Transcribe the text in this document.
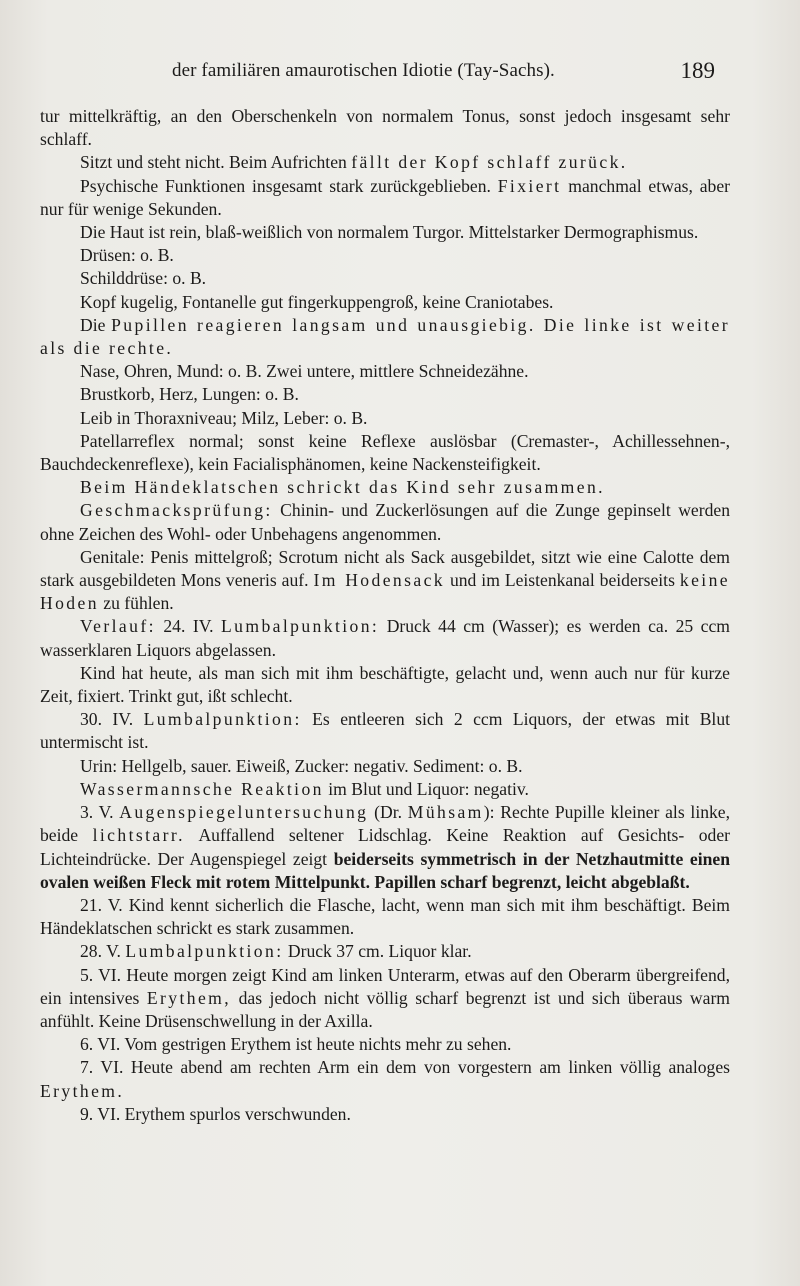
der familiären amaurotischen Idiotie (Tay-Sachs).	189

tur mittelkräftig, an den Oberschenkeln von normalem Tonus, sonst jedoch insgesamt sehr schlaff.

Sitzt und steht nicht. Beim Aufrichten fällt der Kopf schlaff zurück.

Psychische Funktionen insgesamt stark zurückgeblieben. Fixiert manchmal etwas, aber nur für wenige Sekunden.

Die Haut ist rein, blaß-weißlich von normalem Turgor. Mittelstarker Dermographismus.

Drüsen: o. B.

Schilddrüse: o. B.

Kopf kugelig, Fontanelle gut fingerkuppengroß, keine Craniotabes.

Die Pupillen reagieren langsam und unausgiebig. Die linke ist weiter als die rechte.

Nase, Ohren, Mund: o. B. Zwei untere, mittlere Schneidezähne.

Brustkorb, Herz, Lungen: o. B.

Leib in Thoraxniveau; Milz, Leber: o. B.

Patellarreflex normal; sonst keine Reflexe auslösbar (Cremaster-, Achillessehnen-, Bauchdeckenreflexe), kein Facialisphänomen, keine Nackensteifigkeit.

Beim Händeklatschen schrickt das Kind sehr zusammen.

Geschmacksprüfung: Chinin- und Zuckerlösungen auf die Zunge gepinselt werden ohne Zeichen des Wohl- oder Unbehagens angenommen.

Genitale: Penis mittelgroß; Scrotum nicht als Sack ausgebildet, sitzt wie eine Calotte dem stark ausgebildeten Mons veneris auf. Im Hodensack und im Leistenkanal beiderseits keine Hoden zu fühlen.

Verlauf: 24. IV. Lumbalpunktion: Druck 44 cm (Wasser); es werden ca. 25 ccm wasserklaren Liquors abgelassen.

Kind hat heute, als man sich mit ihm beschäftigte, gelacht und, wenn auch nur für kurze Zeit, fixiert. Trinkt gut, ißt schlecht.

30. IV. Lumbalpunktion: Es entleeren sich 2 ccm Liquors, der etwas mit Blut untermischt ist.

Urin: Hellgelb, sauer. Eiweiß, Zucker: negativ. Sediment: o. B.

Wassermannsche Reaktion im Blut und Liquor: negativ.

3. V. Augenspiegeluntersuchung (Dr. Mühsam): Rechte Pupille kleiner als linke, beide lichtstarr. Auffallend seltener Lidschlag. Keine Reaktion auf Gesichts- oder Lichteindrücke. Der Augenspiegel zeigt beiderseits symmetrisch in der Netzhautmitte einen ovalen weißen Fleck mit rotem Mittelpunkt. Papillen scharf begrenzt, leicht abgeblaßt.

21. V. Kind kennt sicherlich die Flasche, lacht, wenn man sich mit ihm beschäftigt. Beim Händeklatschen schrickt es stark zusammen.

28. V. Lumbalpunktion: Druck 37 cm. Liquor klar.

5. VI. Heute morgen zeigt Kind am linken Unterarm, etwas auf den Oberarm übergreifend, ein intensives Erythem, das jedoch nicht völlig scharf begrenzt ist und sich überaus warm anfühlt. Keine Drüsenschwellung in der Axilla.

6. VI. Vom gestrigen Erythem ist heute nichts mehr zu sehen.

7. VI. Heute abend am rechten Arm ein dem von vorgestern am linken völlig analoges Erythem.

9. VI. Erythem spurlos verschwunden.
